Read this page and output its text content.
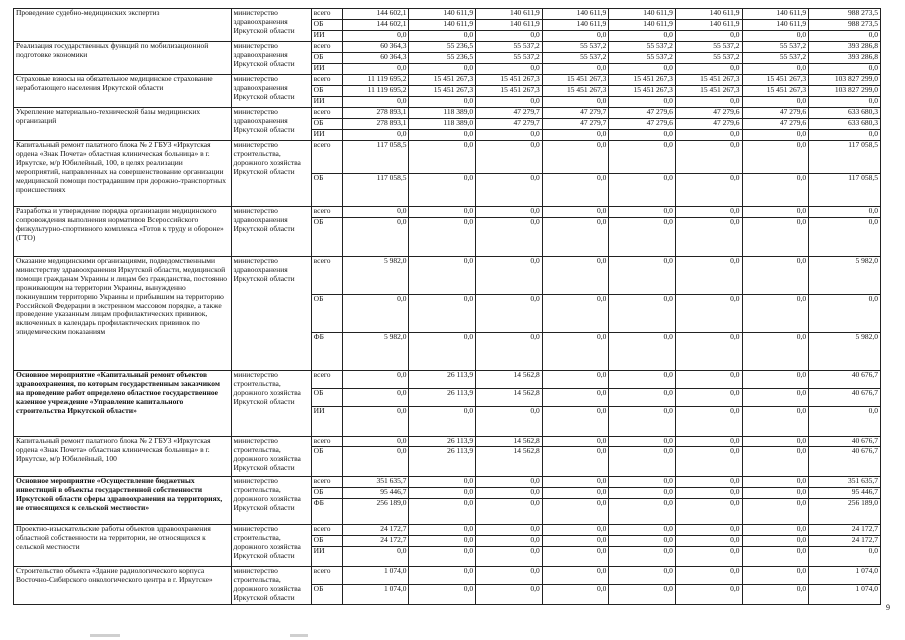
Проведение судебно-медицинских экспертиз	министерство здравоохранения Иркутской области	всего	144 602,1	140 611,9	140 611,9	140 611,9	140 611,9	140 611,9	140 611,9	988 273,5
		ОБ	144 602,1	140 611,9	140 611,9	140 611,9	140 611,9	140 611,9	140 611,9	988 273,5
		ИИ	0,0	0,0	0,0	0,0	0,0	0,0	0,0	0,0
Реализация государственных функций по мобилизационной подготовке экономики	министерство здравоохранения Иркутской области	всего	60 364,3	55 236,5	55 537,2	55 537,2	55 537,2	55 537,2	55 537,2	393 286,8
		ОБ	60 364,3	55 236,5	55 537,2	55 537,2	55 537,2	55 537,2	55 537,2	393 286,8
		ИИ	0,0	0,0	0,0	0,0	0,0	0,0	0,0	0,0
Страховые взносы на обязательное медицинское страхование неработающего населения Иркутской области	министерство здравоохранения Иркутской области	всего	11 119 695,2	15 451 267,3	15 451 267,3	15 451 267,3	15 451 267,3	15 451 267,3	15 451 267,3	103 827 299,0
		ОБ	11 119 695,2	15 451 267,3	15 451 267,3	15 451 267,3	15 451 267,3	15 451 267,3	15 451 267,3	103 827 299,0
		ИИ	0,0	0,0	0,0	0,0	0,0	0,0	0,0	0,0
Укрепление материально-технической базы медицинских организаций	министерство здравоохранения Иркутской области	всего	278 893,1	118 389,0	47 279,7	47 279,7	47 279,6	47 279,6	47 279,6	633 680,3
		ОБ	278 893,1	118 389,0	47 279,7	47 279,7	47 279,6	47 279,6	47 279,6	633 680,3
		ИИ	0,0	0,0	0,0	0,0	0,0	0,0	0,0	0,0
Капитальный ремонт палатного блока № 2 ГБУЗ «Иркутская ордена «Знак Почета» областная клиническая больница» в г. Иркутске, м/р Юбилейный, 100, в целях реализации мероприятий, направленных на совершенствование организации медицинской помощи пострадавшим при дорожно-транспортных происшествиях	министерство строительства, дорожного хозяйства Иркутской области	всего	117 058,5	0,0	0,0	0,0	0,0	0,0	0,0	117 058,5
		ОБ	117 058,5	0,0	0,0	0,0	0,0	0,0	0,0	117 058,5
Разработка и утверждение порядка организации медицинского сопровождения выполнения нормативов Всероссийского физкультурно-спортивного комплекса «Готов к труду и обороне» (ГТО)	министерство здравоохранения Иркутской области	всего	0,0	0,0	0,0	0,0	0,0	0,0	0,0	0,0
		ОБ	0,0	0,0	0,0	0,0	0,0	0,0	0,0	0,0
Оказание медицинскими организациями, подведомственными министерству здравоохранения Иркутской области, медицинской помощи гражданам Украины и лицам без гражданства, постоянно проживающим на территории Украины, вынужденно покинувшим территорию Украины и прибывшим на территорию Российской Федерации в экстренном массовом порядке, а также проведение указанным лицам профилактических прививок, включенных в календарь профилактических прививок по эпидемическим показаниям	министерство здравоохранения Иркутской области	всего	5 982,0	0,0	0,0	0,0	0,0	0,0	0,0	5 982,0
		ОБ	0,0	0,0	0,0	0,0	0,0	0,0	0,0	0,0
		ФБ	5 982,0	0,0	0,0	0,0	0,0	0,0	0,0	5 982,0
Основное мероприятие «Капитальный ремонт объектов здравоохранения, по которым государственным заказчиком на проведение работ определено областное государственное казенное учреждение «Управление капитального строительства Иркутской области»	министерство строительства, дорожного хозяйства Иркутской области	всего	0,0	26 113,9	14 562,8	0,0	0,0	0,0	0,0	40 676,7
		ОБ	0,0	26 113,9	14 562,8	0,0	0,0	0,0	0,0	40 676,7
		ИИ	0,0	0,0	0,0	0,0	0,0	0,0	0,0	0,0
Капитальный ремонт палатного блока № 2 ГБУЗ «Иркутская ордена «Знак Почета» областная клиническая больница» в г. Иркутске, м/р Юбилейный, 100	министерство строительства, дорожного хозяйства Иркутской области	всего	0,0	26 113,9	14 562,8	0,0	0,0	0,0	0,0	40 676,7
		ОБ	0,0	26 113,9	14 562,8	0,0	0,0	0,0	0,0	40 676,7
Основное мероприятие «Осуществление бюджетных инвестиций в объекты государственной собственности Иркутской области сферы здравоохранения на территориях, не относящихся к сельской местности»	министерство строительства, дорожного хозяйства Иркутской области	всего	351 635,7	0,0	0,0	0,0	0,0	0,0	0,0	351 635,7
		ОБ	95 446,7	0,0	0,0	0,0	0,0	0,0	0,0	95 446,7
		ФБ	256 189,0	0,0	0,0	0,0	0,0	0,0	0,0	256 189,0
Проектно-изыскательские работы объектов здравоохранения областной собственности на территории, не относящихся к сельской местности	министерство строительства, дорожного хозяйства Иркутской области	всего	24 172,7	0,0	0,0	0,0	0,0	0,0	0,0	24 172,7
		ОБ	24 172,7	0,0	0,0	0,0	0,0	0,0	0,0	24 172,7
		ИИ	0,0	0,0	0,0	0,0	0,0	0,0	0,0	0,0
Строительство объекта «Здание радиологического корпуса Восточно-Сибирского онкологического центра в г. Иркутске»	министерство строительства, дорожного хозяйства Иркутской области	всего	1 074,0	0,0	0,0	0,0	0,0	0,0	0,0	1 074,0
		ОБ	1 074,0	0,0	0,0	0,0	0,0	0,0	0,0	1 074,0
9
